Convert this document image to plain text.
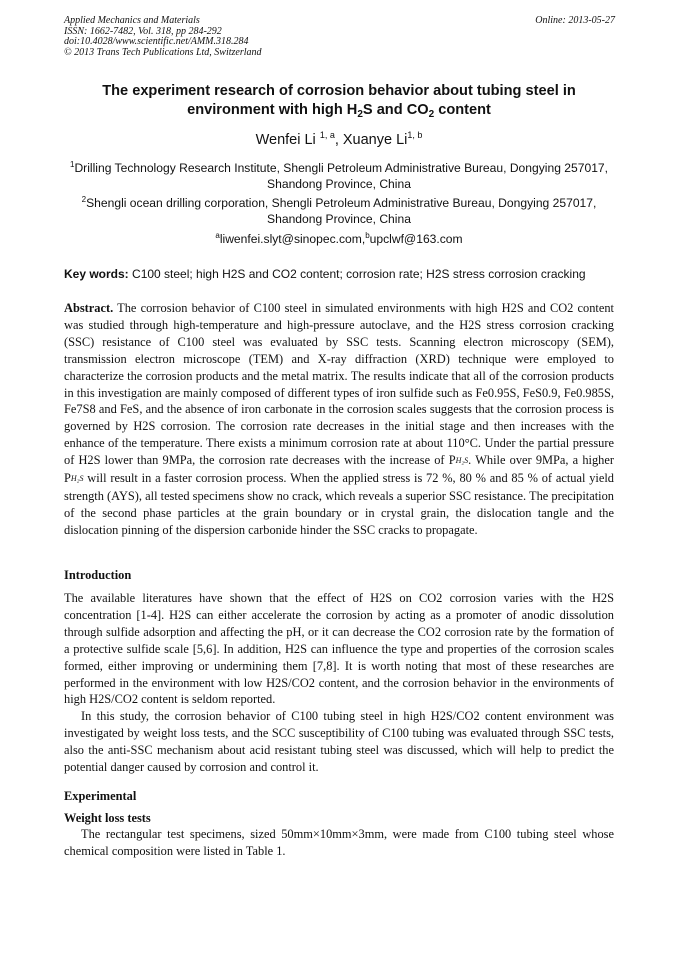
Applied Mechanics and Materials
ISSN: 1662-7482, Vol. 318, pp 284-292
doi:10.4028/www.scientific.net/AMM.318.284
© 2013 Trans Tech Publications Ltd, Switzerland
Online: 2013-05-27
The experiment research of corrosion behavior about tubing steel in
environment with high $H_2S$ and $CO_2$ content
Wenfei Li $^{1, a}$, Xuanye Li$^{1, b}$
$^1$Drilling Technology Research Institute, Shengli Petroleum Administrative Bureau, Dongying 257017, Shandong Province, China
$^2$Shengli ocean drilling corporation, Shengli Petroleum Administrative Bureau, Dongying 257017, Shandong Province, China
$^a$liwenfei.slyt@sinopec.com,$^b$upclwf@163.com
Key words: C100 steel; high H2S and CO2 content; corrosion rate; H2S stress corrosion cracking

Abstract. The corrosion behavior of C100 steel in simulated environments with high H2S and CO2 content was studied through high-temperature and high-pressure autoclave, and the H2S stress corrosion cracking (SSC) resistance of C100 steel was evaluated by SSC tests. Scanning electron microscopy (SEM), transmission electron microscope (TEM) and X-ray diffraction (XRD) technique were employed to characterize the corrosion products and the metal matrix. The results indicate that all of the corrosion products in this investigation are mainly composed of different types of iron sulfide such as Fe0.95S, FeS0.9, Fe0.985S, Fe7S8 and FeS, and the absence of iron carbonate in the corrosion scales suggests that the corrosion process is governed by H2S corrosion. The corrosion rate decreases in the initial stage and then increases with the enhance of the temperature. There exists a minimum corrosion rate at about 110°C. Under the partial pressure of H2S lower than 9MPa, the corrosion rate decreases with the increase of PH₂S. While over 9MPa, a higher PH₂S will result in a faster corrosion process. When the applied stress is 72 %, 80 % and 85 % of actual yield strength (AYS), all tested specimens show no crack, which reveals a superior SSC resistance. The precipitation of the second phase particles at the grain boundary or in crystal grain, the dislocation tangle and the dislocation pinning of the dispersion carbonide hinder the SSC cracks to propagate.

Introduction

The available literatures have shown that the effect of H2S on CO2 corrosion varies with the H2S concentration [1-4]. H2S can either accelerate the corrosion by acting as a promoter of anodic dissolution through sulfide adsorption and affecting the pH, or it can decrease the CO2 corrosion rate by the formation of a protective sulfide scale [5,6]. In addition, H2S can influence the type and properties of the corrosion scales formed, either improving or undermining them [7,8]. It is worth noting that most of these researches are performed in the environment with low H2S/CO2 content, and the corrosion behavior in the environments of high H2S/CO2 content is seldom reported.

In this study, the corrosion behavior of C100 tubing steel in high H2S/CO2 content environment was investigated by weight loss tests, and the SCC susceptibility of C100 tubing was evaluated through SSC tests, also the anti-SSC mechanism about acid resistant tubing steel was discussed, which will help to predict the potential danger caused by corrosion and control it.

Experimental
Weight loss tests

The rectangular test specimens, sized 50mm×10mm×3mm, were made from C100 tubing steel whose chemical composition were listed in Table 1.
